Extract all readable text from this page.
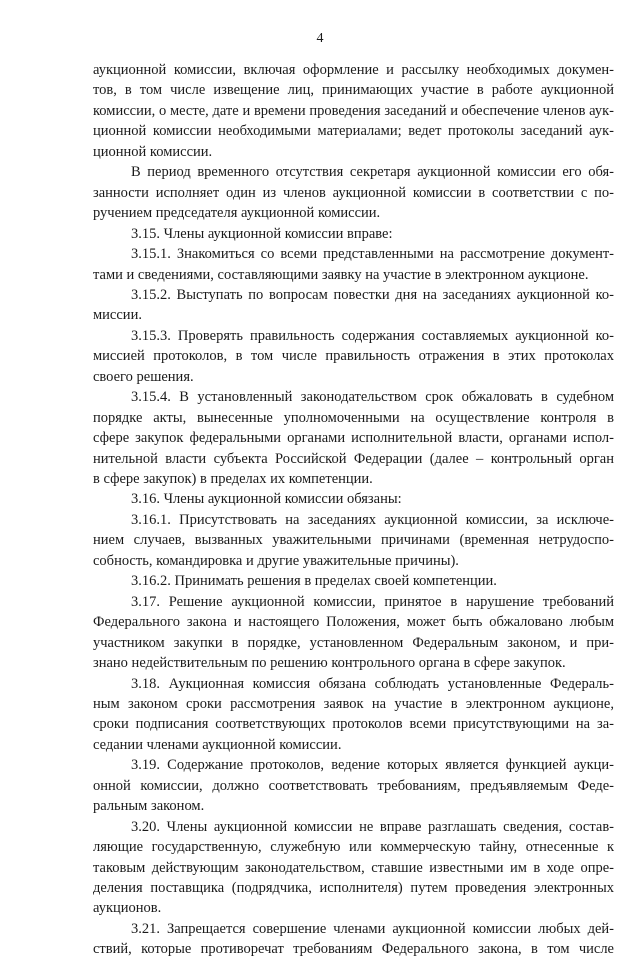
4
аукционной комиссии, включая оформление и рассылку необходимых докумен-
тов, в том числе извещение лиц, принимающих участие в работе аукционной
комиссии, о месте, дате и времени проведения заседаний и обеспечение членов аук-
ционной комиссии необходимыми материалами; ведет протоколы заседаний аук-
ционной комиссии.
В период временного отсутствия секретаря аукционной комиссии его обя-
занности исполняет один из членов аукционной комиссии в соответствии с по-
ручением председателя аукционной комиссии.
3.15. Члены аукционной комиссии вправе:
3.15.1. Знакомиться со всеми представленными на рассмотрение документ-
тами и сведениями, составляющими заявку на участие в электронном аукционе.
3.15.2. Выступать по вопросам повестки дня на заседаниях аукционной ко-
миссии.
3.15.3. Проверять правильность содержания составляемых аукционной ко-
миссией протоколов, в том числе правильность отражения в этих протоколах
своего решения.
3.15.4. В установленный законодательством срок обжаловать в судебном
порядке акты, вынесенные уполномоченными на осуществление контроля в
сфере закупок федеральными органами исполнительной власти, органами испол-
нительной власти субъекта Российской Федерации (далее – контрольный орган
в сфере закупок) в пределах их компетенции.
3.16. Члены аукционной комиссии обязаны:
3.16.1. Присутствовать на заседаниях аукционной комиссии, за исключе-
нием случаев, вызванных уважительными причинами (временная нетрудоспо-
собность, командировка и другие уважительные причины).
3.16.2. Принимать решения в пределах своей компетенции.
3.17. Решение аукционной комиссии, принятое в нарушение требований
Федерального закона и настоящего Положения, может быть обжаловано любым
участником закупки в порядке, установленном Федеральным законом, и при-
знано недействительным по решению контрольного органа в сфере закупок.
3.18. Аукционная комиссия обязана соблюдать установленные Федераль-
ным законом сроки рассмотрения заявок на участие в электронном аукционе,
сроки подписания соответствующих протоколов всеми присутствующими на за-
седании членами аукционной комиссии.
3.19. Содержание протоколов, ведение которых является функцией аукци-
онной комиссии, должно соответствовать требованиям, предъявляемым Феде-
ральным законом.
3.20. Члены аукционной комиссии не вправе разглашать сведения, состав-
ляющие государственную, служебную или коммерческую тайну, отнесенные к
таковым действующим законодательством, ставшие известными им в ходе опре-
деления поставщика (подрядчика, исполнителя) путем проведения электронных
аукционов.
3.21. Запрещается совершение членами аукционной комиссии любых дей-
ствий, которые противоречат требованиям Федерального закона, в том числе
